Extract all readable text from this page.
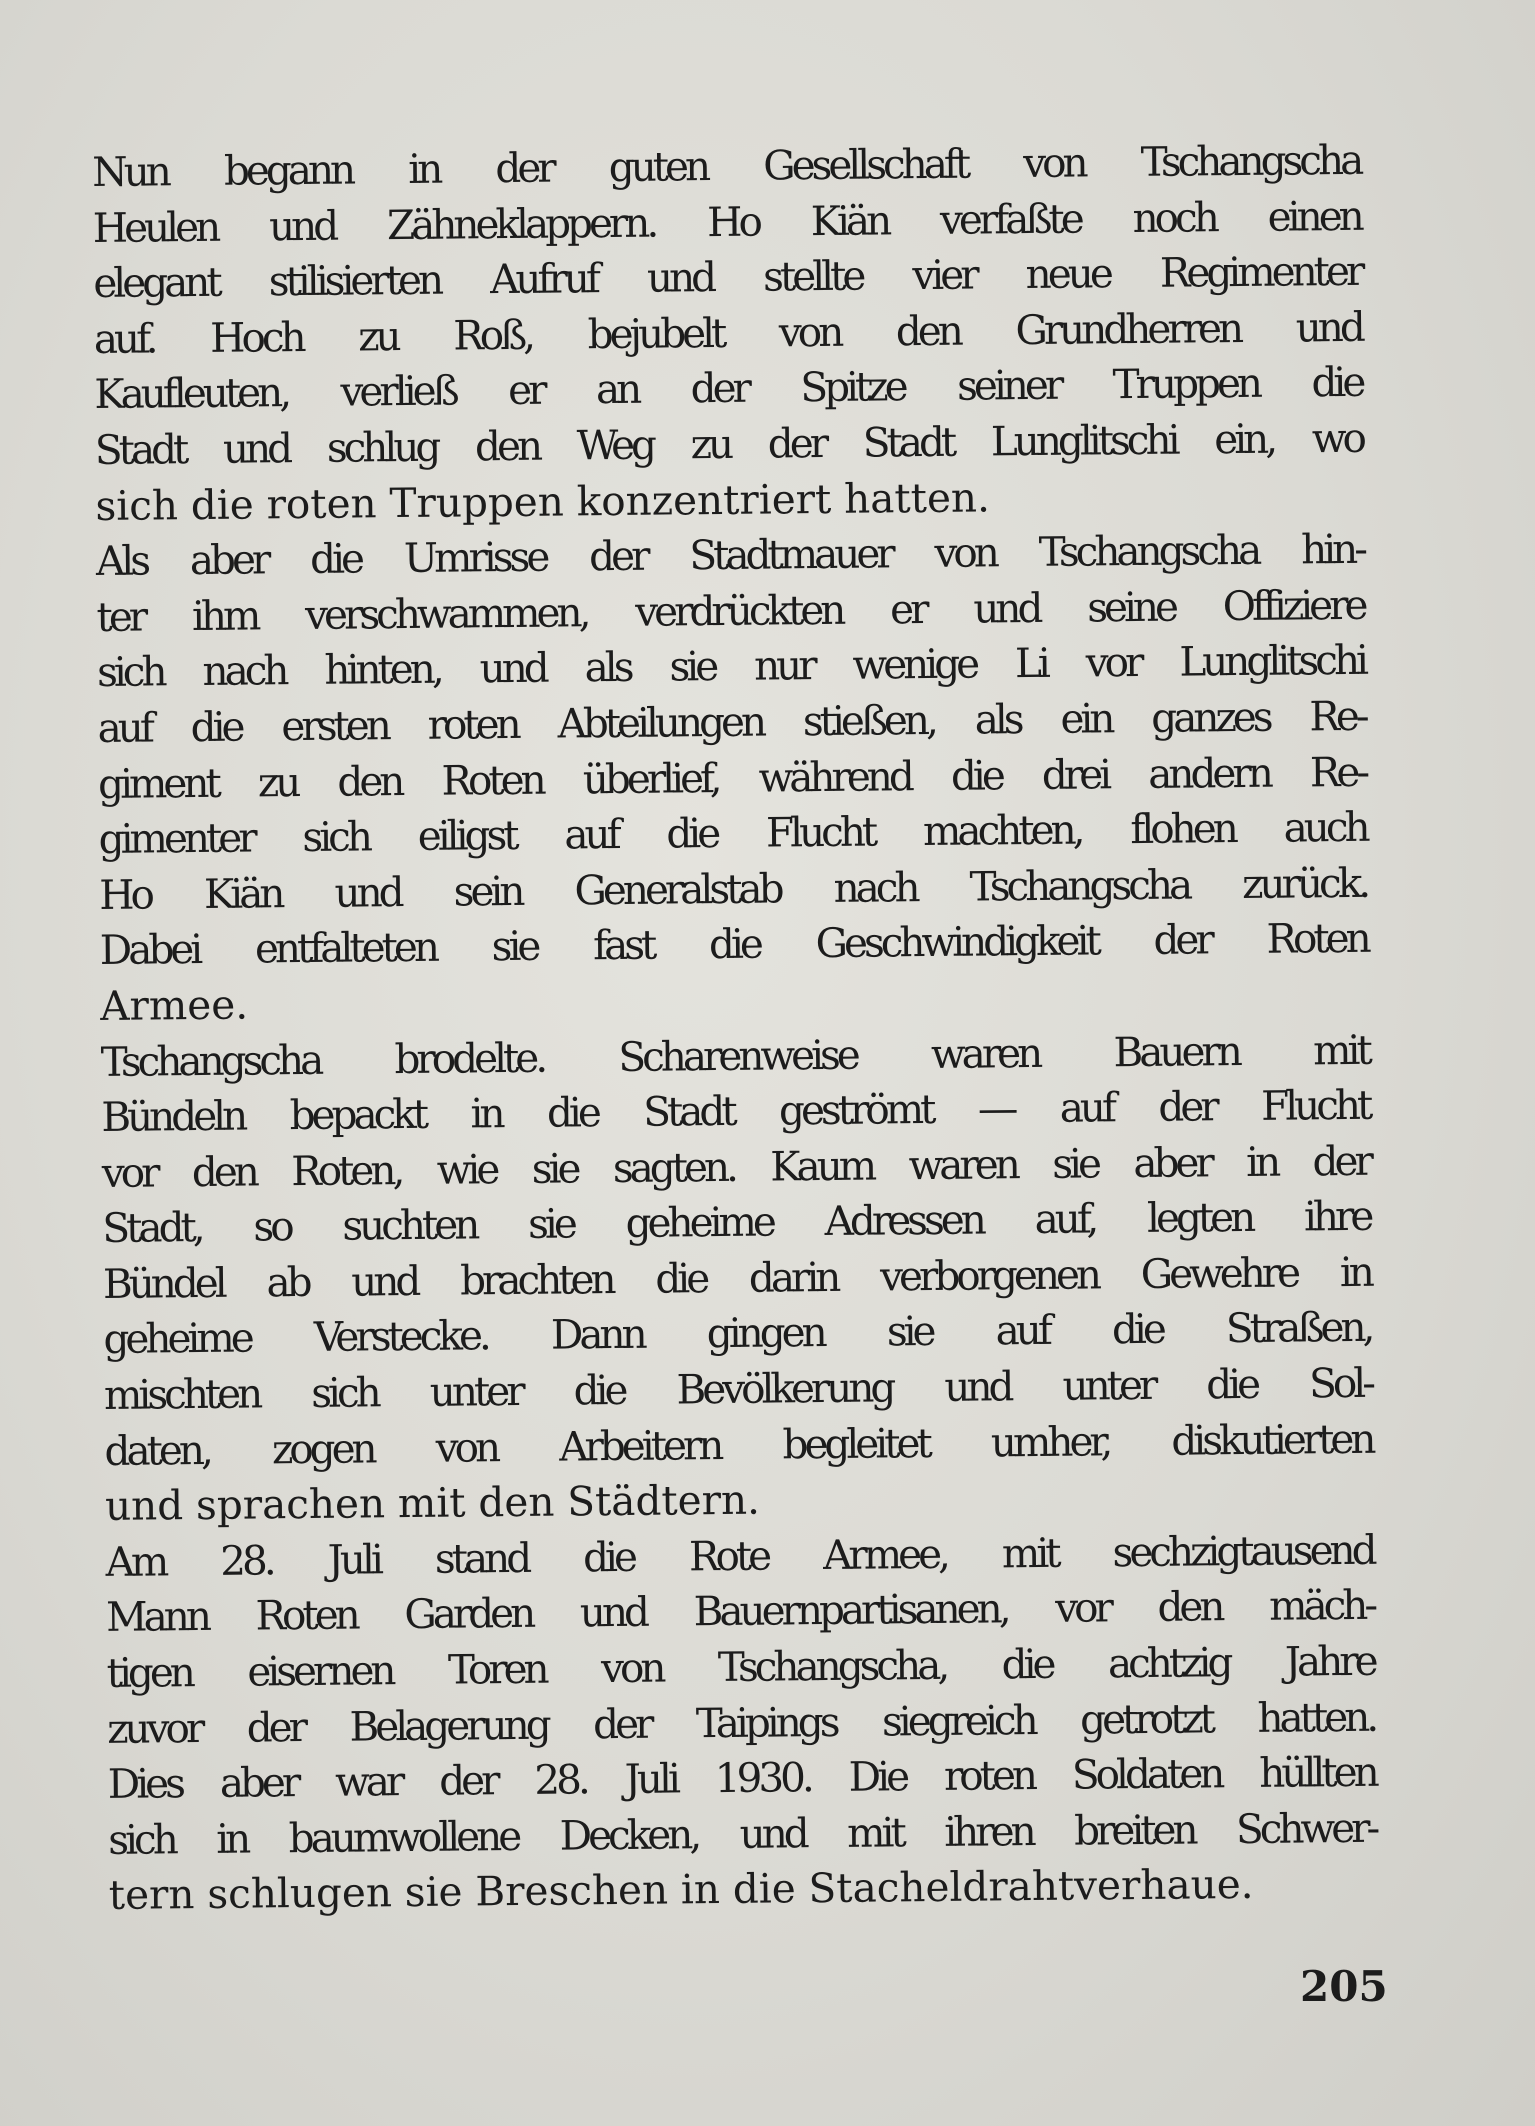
Nun begann in der guten Gesellschaft von Tschangscha
Heulen und Zähneklappern. Ho Kiän verfaßte noch einen
elegant stilisierten Aufruf und stellte vier neue Regimenter
auf. Hoch zu Roß, bejubelt von den Grundherren und
Kaufleuten, verließ er an der Spitze seiner Truppen die
Stadt und schlug den Weg zu der Stadt Lunglitschi ein, wo
sich die roten Truppen konzentriert hatten.
Als aber die Umrisse der Stadtmauer von Tschangscha hin-
ter ihm verschwammen, verdrückten er und seine Offiziere
sich nach hinten, und als sie nur wenige Li vor Lunglitschi
auf die ersten roten Abteilungen stießen, als ein ganzes Re-
giment zu den Roten überlief, während die drei andern Re-
gimenter sich eiligst auf die Flucht machten, flohen auch
Ho Kiän und sein Generalstab nach Tschangscha zurück.
Dabei entfalteten sie fast die Geschwindigkeit der Roten
Armee.
Tschangscha brodelte. Scharenweise waren Bauern mit
Bündeln bepackt in die Stadt geströmt — auf der Flucht
vor den Roten, wie sie sagten. Kaum waren sie aber in der
Stadt, so suchten sie geheime Adressen auf, legten ihre
Bündel ab und brachten die darin verborgenen Gewehre in
geheime Verstecke. Dann gingen sie auf die Straßen,
mischten sich unter die Bevölkerung und unter die Sol-
daten, zogen von Arbeitern begleitet umher, diskutierten
und sprachen mit den Städtern.
Am 28. Juli stand die Rote Armee, mit sechzigtausend
Mann Roten Garden und Bauernpartisanen, vor den mäch-
tigen eisernen Toren von Tschangscha, die achtzig Jahre
zuvor der Belagerung der Taipings siegreich getrotzt hatten.
Dies aber war der 28. Juli 1930. Die roten Soldaten hüllten
sich in baumwollene Decken, und mit ihren breiten Schwer-
tern schlugen sie Breschen in die Stacheldrahtverhaue.
205
